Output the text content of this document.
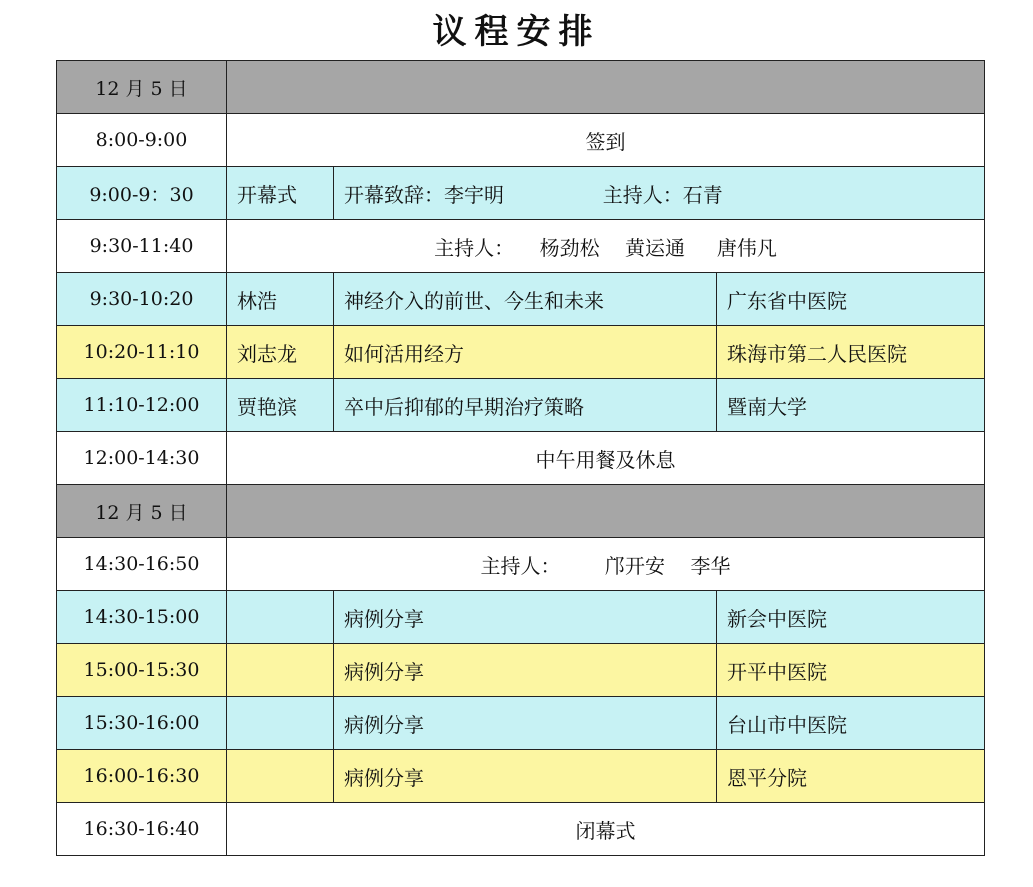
议程安排
12 月 5 日			
8:00-9:00	签到		
9:00-9：30	开幕式	开幕致辞：李宇明 主持人：石青	
9:30-11:40	主持人：    杨劲松    黄运通     唐伟凡		
9:30-10:20	林浩	神经介入的前世、今生和未来	广东省中医院
10:20-11:10	刘志龙	如何活用经方	珠海市第二人民医院
11:10-12:00	贾艳滨	卒中后抑郁的早期治疗策略	暨南大学
12:00-14:30	中午用餐及休息		
12 月 5 日			
14:30-16:50	主持人：       邝开安    李华		
14:30-15:00		病例分享	新会中医院
15:00-15:30		病例分享	开平中医院
15:30-16:00		病例分享	台山市中医院
16:00-16:30		病例分享	恩平分院
16:30-16:40	闭幕式		
